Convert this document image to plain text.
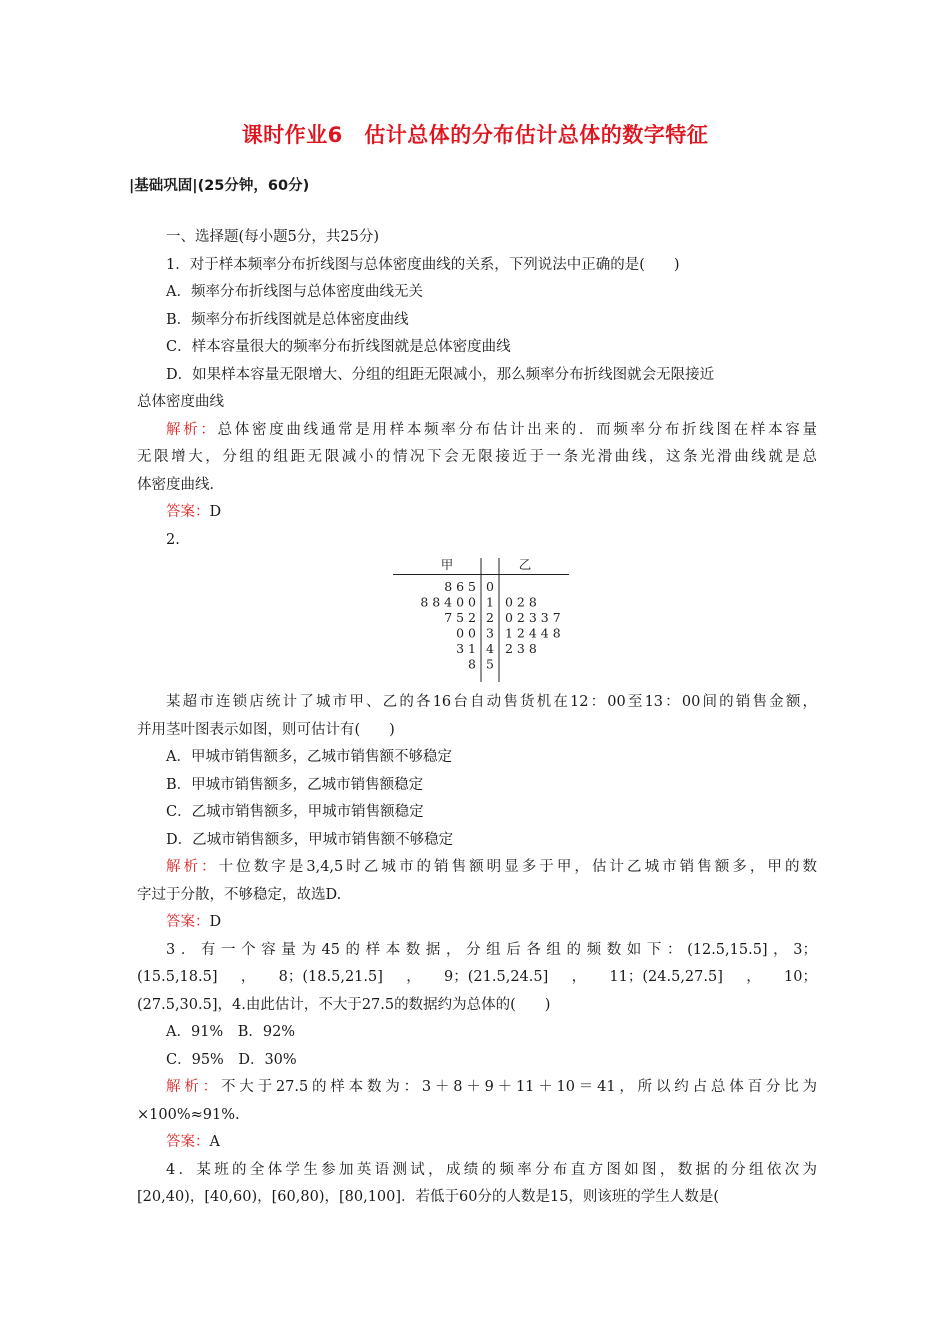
课时作业6　估计总体的分布估计总体的数字特征
|基础巩固|(25分钟，60分)

一、选择题(每小题5分，共25分)

1．对于样本频率分布折线图与总体密度曲线的关系，下列说法中正确的是(　　)

A．频率分布折线图与总体密度曲线无关

B．频率分布折线图就是总体密度曲线

C．样本容量很大的频率分布折线图就是总体密度曲线

D．如果样本容量无限增大、分组的组距无限减小，那么频率分布折线图就会无限接近

总体密度曲线

解析：总体密度曲线通常是用样本频率分布估计出来的．而频率分布折线图在样本容量

无限增大，分组的组距无限减小的情况下会无限接近于一条光滑曲线，这条光滑曲线就是总

体密度曲线．

答案：D

2.

甲	乙
8 6 5 0
8 8 4 0 0 1 0 2 8
7 5 2 2 0 2 3 3 7
0 0 3 1 2 4 4 8
3 1 4 2 3 8
8 5

某超市连锁店统计了城市甲、乙的各16台自动售货机在12：00至13：00间的销售金额，

并用茎叶图表示如图，则可估计有(　　)

A．甲城市销售额多，乙城市销售额不够稳定

B．甲城市销售额多，乙城市销售额稳定

C．乙城市销售额多，甲城市销售额稳定

D．乙城市销售额多，甲城市销售额不够稳定

解析：十位数字是3,4,5时乙城市的销售额明显多于甲，估计乙城市销售额多，甲的数

字过于分散，不够稳定，故选D.

答案：D

3．有一个容量为45的样本数据，分组后各组的频数如下：(12.5,15.5]，3；

(15.5,18.5]，8；(18.5,21.5]，9；(21.5,24.5]，11；(24.5,27.5]，10；

(27.5,30.5]，4.由此估计，不大于27.5的数据约为总体的(　　)

A．91%　B．92%

C．95%　D．30%

解析：不大于27.5的样本数为：3＋8＋9＋11＋10＝41，所以约占总体百分比为

×100%≈91%.

答案：A

4．某班的全体学生参加英语测试，成绩的频率分布直方图如图，数据的分组依次为

[20,40)，[40,60)，[60,80)，[80,100]．若低于60分的人数是15，则该班的学生人数是(
